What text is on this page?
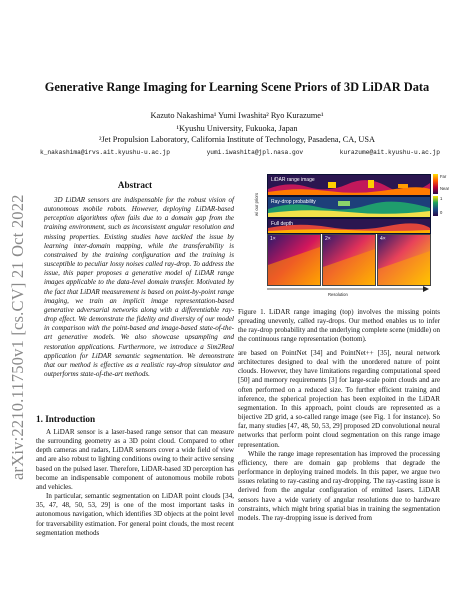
arXiv:2210.11750v1 [cs.CV] 21 Oct 2022
Generative Range Imaging for Learning Scene Priors of 3D LiDAR Data
Kazuto Nakashima¹ Yumi Iwashita² Ryo Kurazume¹
¹Kyushu University, Fukuoka, Japan
²Jet Propulsion Laboratory, California Institute of Technology, Pasadena, CA, USA
k_nakashima@irvs.ait.kyushu-u.ac.jp	yumi.iwashita@jpl.nasa.gov	kurazume@ait.kyushu-u.ac.jp
Abstract

3D LiDAR sensors are indispensable for the robust vision of autonomous mobile robots. However, deploying LiDAR-based perception algorithms often fails due to a domain gap from the training environment, such as inconsistent angular resolution and missing properties. Existing studies have tackled the issue by learning inter-domain mapping, while the transferability is constrained by the training configuration and the training is susceptible to peculiar lossy noises called ray-drop. To address the issue, this paper proposes a generative model of LiDAR range images applicable to the data-level domain transfer. Motivated by the fact that LiDAR measurement is based on point-by-point range imaging, we train an implicit image representation-based generative adversarial networks along with a differentiable ray-drop effect. We demonstrate the fidelity and diversity of our model in comparison with the point-based and image-based state-of-the-art generative models. We also showcase upsampling and restoration applications. Furthermore, we introduce a Sim2Real application for LiDAR semantic segmentation. We demonstrate that our method is effective as a realistic ray-drop simulator and outperforms state-of-the-art methods.

1. Introduction

A LiDAR sensor is a laser-based range sensor that can measure the surrounding geometry as a 3D point cloud. Compared to other depth cameras and radars, LiDAR sensors cover a wide field of view and are also robust to lighting conditions owing to their active sensing based on the pulsed laser. Therefore, LiDAR-based 3D perception has become an indispensable component of autonomous mobile robots and vehicles.

In particular, semantic segmentation on LiDAR point clouds [34, 35, 47, 48, 50, 53, 29] is one of the most important tasks in autonomous navigation, which identifies 3D objects at the point level for traversability estimation. For general point clouds, the most recent segmentation methods

w/ our priors
LiDAR range image
Ray-drop probability
Full depth
Far
Near
1
0
1×	2×	4×
Resolution
Figure 1. LiDAR range imaging (top) involves the missing points spreading unevenly, called ray-drops. Our method enables us to infer the ray-drop probability and the underlying complete scene (middle) on the continuous range representation (bottom).

are based on PointNet [34] and PointNet++ [35], neural network architectures designed to deal with the unordered nature of point clouds. However, they have limitations regarding computational speed [50] and memory requirements [3] for large-scale point clouds and are often performed on a reduced size. To further efficient training and inference, the spherical projection has been exploited in the LiDAR segmentation. In this approach, point clouds are represented as a bijective 2D grid, a so-called range image (see Fig. 1 for instance). So far, many studies [47, 48, 50, 53, 29] proposed 2D convolutional neural networks that perform point cloud segmentation on this range image representation.

While the range image representation has improved the processing efficiency, there are domain gap problems that degrade the performance in deploying trained models. In this paper, we argue two issues relating to ray-casting and ray-dropping. The ray-casting issue is derived from the angular configuration of emitted lasers. LiDAR sensors have a wide variety of angular resolutions due to hardware constraints, which might bring spatial bias in training the segmentation models. The ray-dropping issue is derived from
